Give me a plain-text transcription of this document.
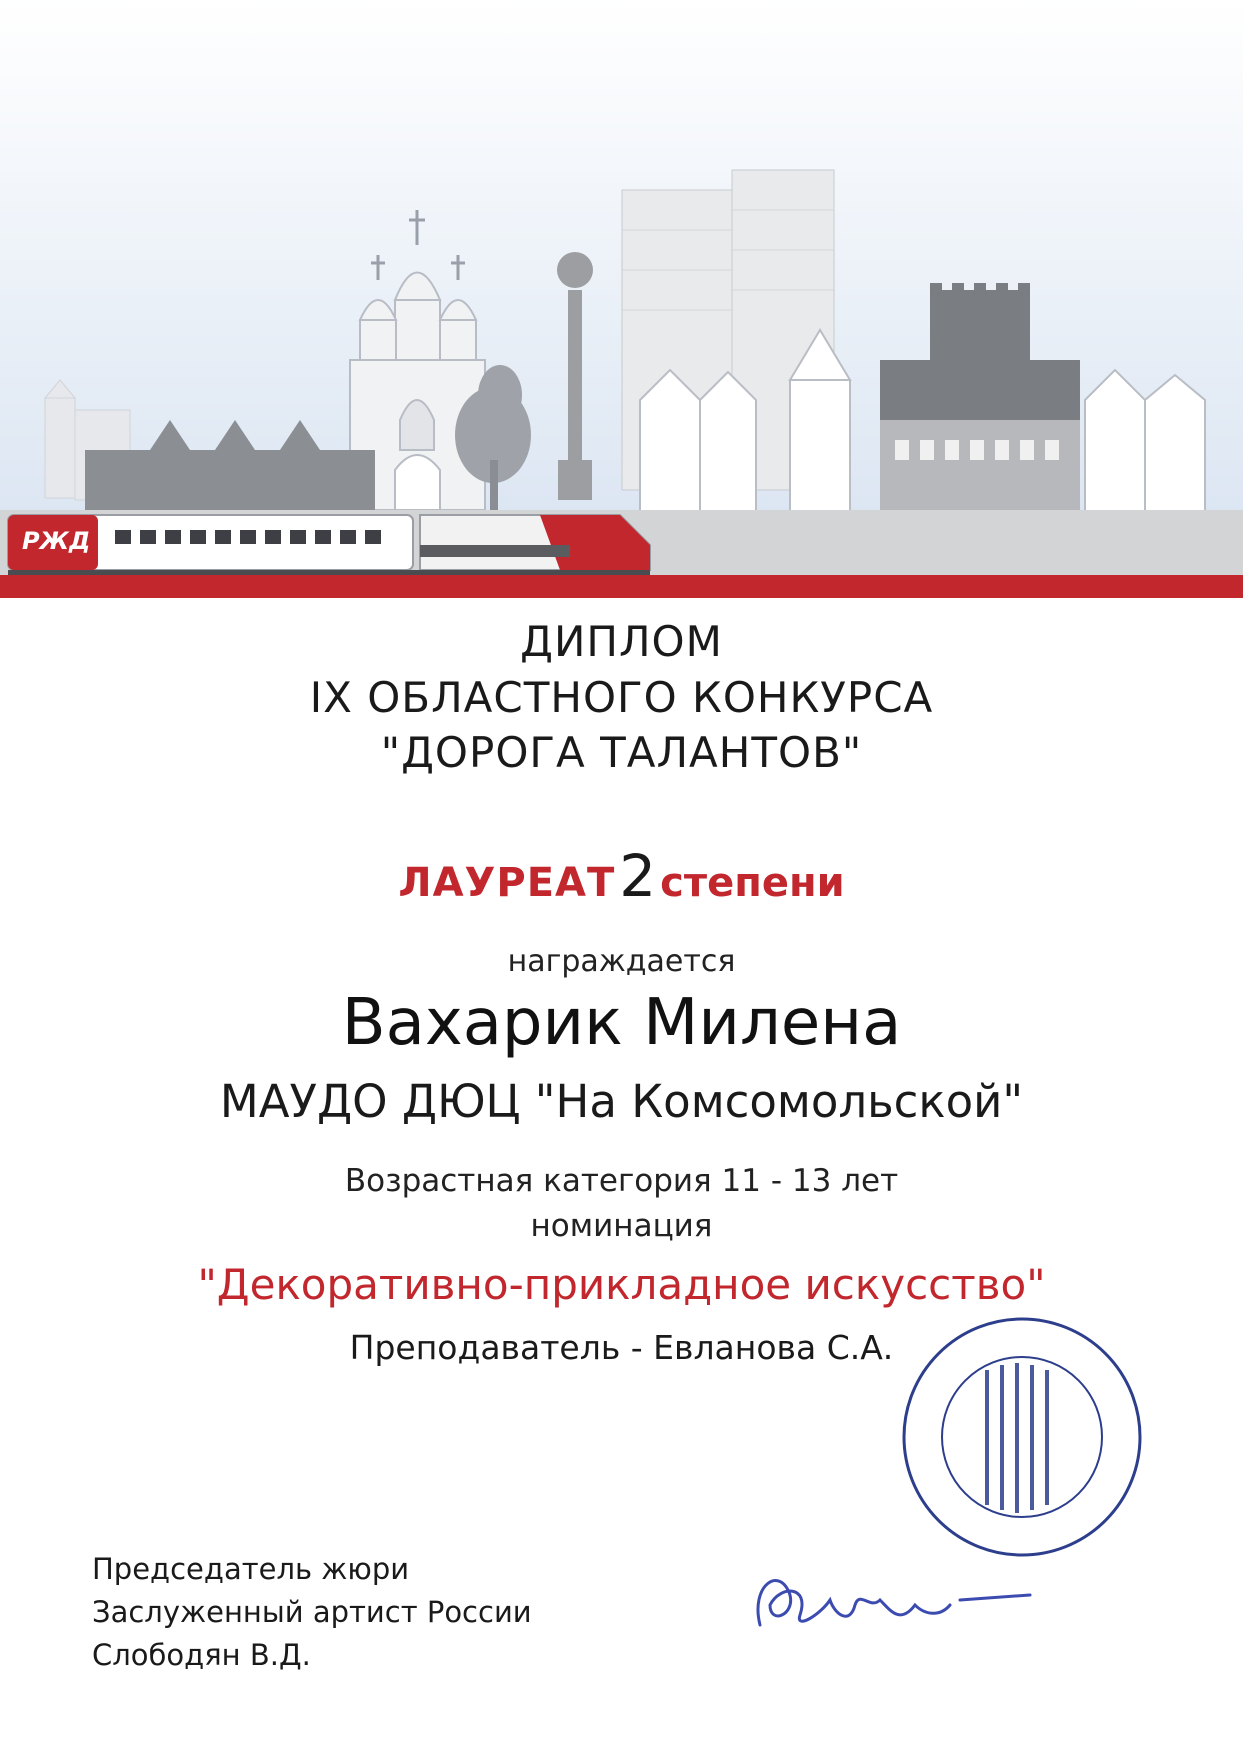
РЖД
ДИПЛОМ
IX ОБЛАСТНОГО КОНКУРСА
"ДОРОГА ТАЛАНТОВ"
ЛАУРЕАТ2 степени
награждается
Вахарик Милена
МАУДО ДЮЦ "На Комсомольской"
Возрастная категория 11 - 13 лет
номинация
"Декоративно-прикладное искусство"
Преподаватель - Евланова С.А.
Председатель жюри
Заслуженный артист России
Слободян В.Д.
